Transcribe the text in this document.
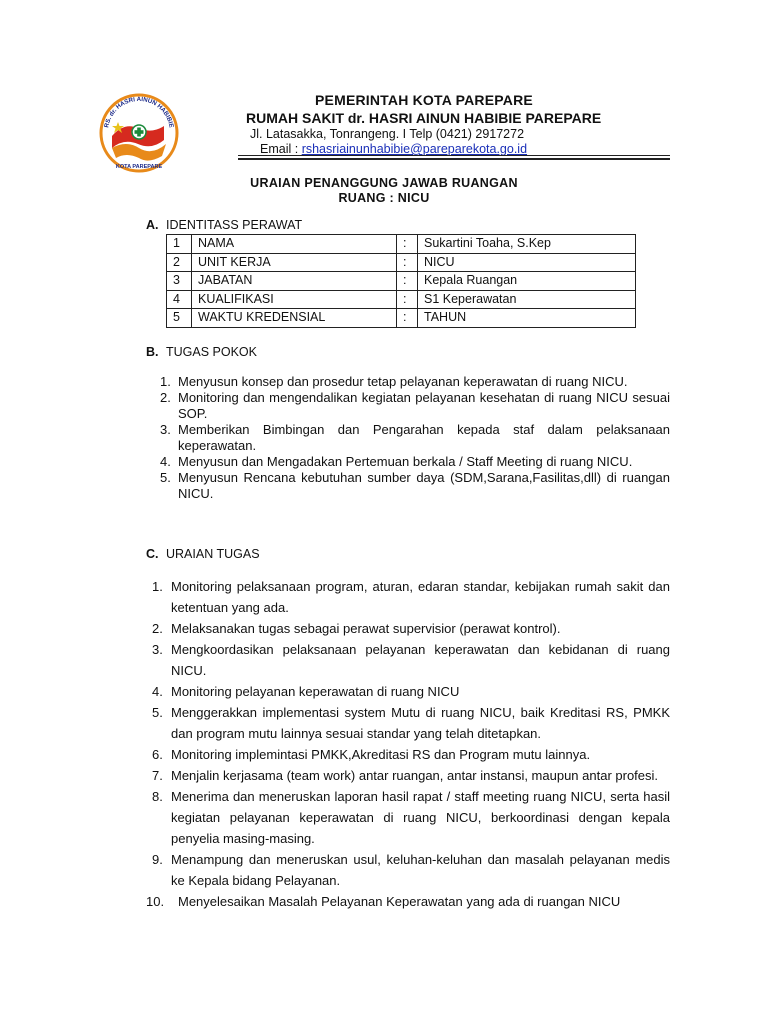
RS. dr. HASRI AINUN HABIBIE
KOTA PAREPARE
PEMERINTAH KOTA PAREPARE
RUMAH SAKIT dr. HASRI AINUN HABIBIE PAREPARE
Jl. Latasakka, Tonrangeng. I Telp (0421) 2917272
Email : rshasriainunhabibie@pareparekota.go.id
URAIAN PENANGGUNG JAWAB RUANGAN
RUANG : NICU
A. IDENTITASS PERAWAT
1	NAMA	:	Sukartini Toaha, S.Kep
2	UNIT KERJA	:	NICU
3	JABATAN	:	Kepala Ruangan
4	KUALIFIKASI	:	S1 Keperawatan
5	WAKTU KREDENSIAL	:	TAHUN
B. TUGAS POKOK
1. Menyusun konsep dan prosedur tetap pelayanan keperawatan di ruang NICU.
2. Monitoring dan mengendalikan kegiatan pelayanan kesehatan di ruang NICU sesuai SOP.
3. Memberikan Bimbingan dan Pengarahan kepada staf dalam pelaksanaan keperawatan.
4. Menyusun dan Mengadakan Pertemuan berkala / Staff Meeting di ruang NICU.
5. Menyusun Rencana kebutuhan sumber daya (SDM,Sarana,Fasilitas,dll) di ruangan NICU.
C. URAIAN TUGAS
1. Monitoring pelaksanaan program, aturan, edaran standar, kebijakan rumah sakit dan ketentuan yang ada.
2. Melaksanakan tugas sebagai perawat supervisior (perawat kontrol).
3. Mengkoordasikan pelaksanaan pelayanan keperawatan dan kebidanan di ruang NICU.
4. Monitoring pelayanan keperawatan di ruang NICU
5. Menggerakkan implementasi system Mutu di ruang NICU, baik Kreditasi RS, PMKK dan program mutu lainnya sesuai standar yang telah ditetapkan.
6. Monitoring implemintasi PMKK,Akreditasi RS dan Program mutu lainnya.
7. Menjalin kerjasama (team work) antar ruangan, antar instansi, maupun antar profesi.
8. Menerima dan meneruskan laporan hasil rapat / staff meeting ruang NICU, serta hasil kegiatan pelayanan keperawatan di ruang NICU, berkoordinasi dengan kepala penyelia masing-masing.
9. Menampung dan meneruskan usul, keluhan-keluhan dan masalah pelayanan medis ke Kepala bidang Pelayanan.
10. Menyelesaikan Masalah Pelayanan Keperawatan yang ada di ruangan NICU
